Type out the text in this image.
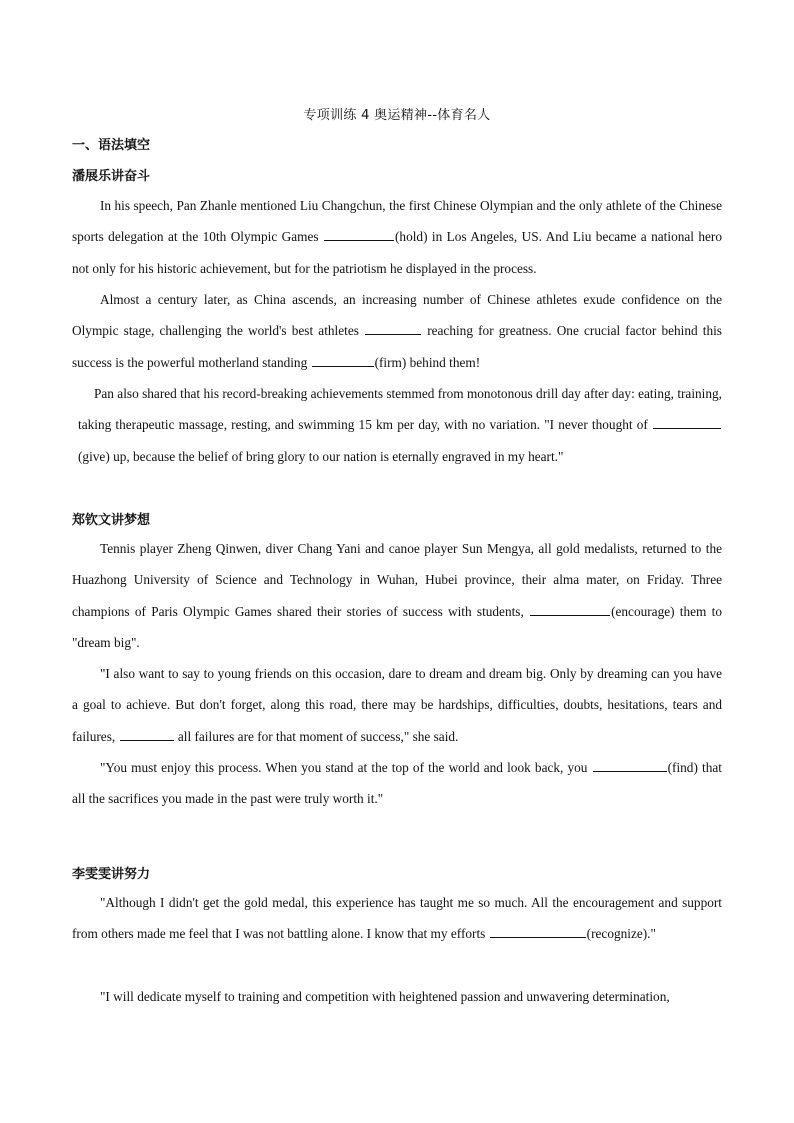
专项训练 4 奥运精神--体育名人
一、语法填空
潘展乐讲奋斗
In his speech, Pan Zhanle mentioned Liu Changchun, the first Chinese Olympian and the only athlete of the Chinese sports delegation at the 10th Olympic Games	(hold) in Los Angeles, US. And Liu became a national hero not only for his historic achievement, but for the patriotism he displayed in the process.
Almost a century later, as China ascends, an increasing number of Chinese athletes exude confidence on the Olympic stage, challenging the world's best athletes	reaching for greatness. One crucial factor behind this success is the powerful motherland standing	(firm) behind them!
Pan also shared that his record-breaking achievements stemmed from monotonous drill day after day: eating, training, taking therapeutic massage, resting, and swimming 15 km per day, with no variation. "I never thought of (give) up, because the belief of bring glory to our nation is eternally engraved in my heart."
郑钦文讲梦想
Tennis player Zheng Qinwen, diver Chang Yani and canoe player Sun Mengya, all gold medalists, returned to the Huazhong University of Science and Technology in Wuhan, Hubei province, their alma mater, on Friday. Three champions of Paris Olympic Games shared their stories of success with students,	(encourage) them to "dream big".
"I also want to say to young friends on this occasion, dare to dream and dream big. Only by dreaming can you have a goal to achieve. But don't forget, along this road, there may be hardships, difficulties, doubts, hesitations, tears and failures,	all failures are for that moment of success," she said.
"You must enjoy this process. When you stand at the top of the world and look back, you	(find) that all the sacrifices you made in the past were truly worth it."
李雯雯讲努力
"Although I didn't get the gold medal, this experience has taught me so much. All the encouragement and support from others made me feel that I was not battling alone. I know that my efforts	(recognize)."
"I will dedicate myself to training and competition with heightened passion and unwavering determination,
